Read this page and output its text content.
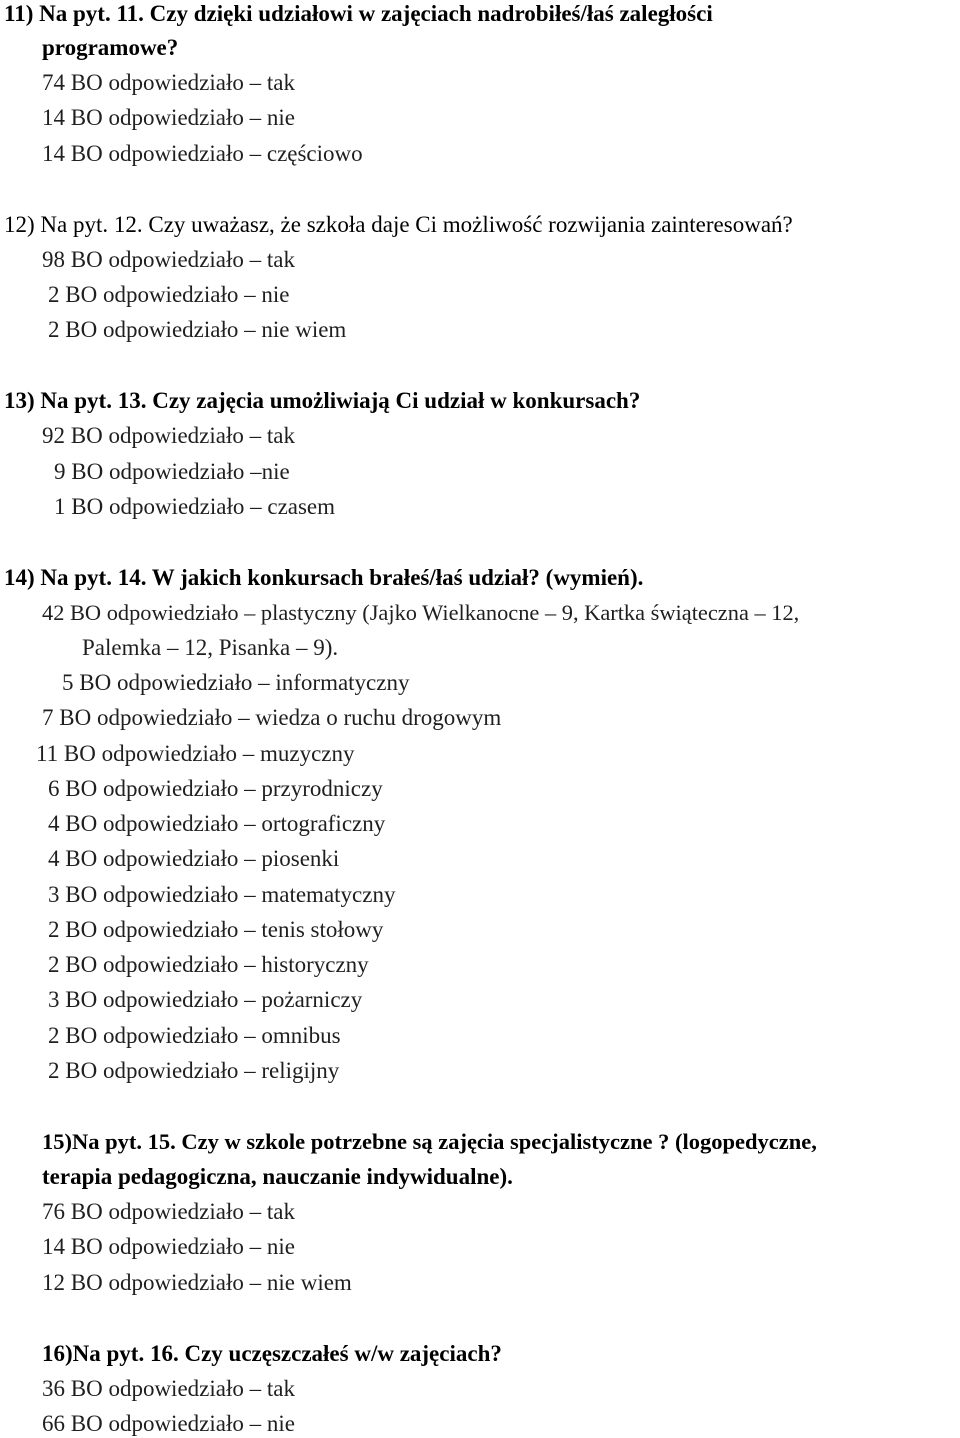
11) Na pyt. 11. Czy dzięki udziałowi w zajęciach nadrobiłeś/łaś zaległości

programowe?

74 BO odpowiedziało – tak

14 BO odpowiedziało – nie

14 BO odpowiedziało – częściowo

12) Na pyt. 12. Czy uważasz, że szkoła daje Ci możliwość rozwijania zainteresowań?

98 BO odpowiedziało – tak

2 BO odpowiedziało – nie

2 BO odpowiedziało – nie wiem

13) Na pyt. 13. Czy zajęcia umożliwiają Ci udział w konkursach?

92 BO odpowiedziało – tak

9 BO odpowiedziało –nie

1 BO odpowiedziało – czasem

14) Na pyt. 14. W jakich konkursach brałeś/łaś udział? (wymień).

42 BO odpowiedziało – plastyczny (Jajko Wielkanocne – 9, Kartka świąteczna – 12,

Palemka – 12, Pisanka – 9).

5 BO odpowiedziało – informatyczny

7 BO odpowiedziało – wiedza o ruchu drogowym

11 BO odpowiedziało – muzyczny

6 BO odpowiedziało – przyrodniczy

4 BO odpowiedziało – ortograficzny

4 BO odpowiedziało – piosenki

3 BO odpowiedziało – matematyczny

2 BO odpowiedziało – tenis stołowy

2 BO odpowiedziało – historyczny

3 BO odpowiedziało – pożarniczy

2 BO odpowiedziało – omnibus

2 BO odpowiedziało – religijny

15)Na pyt. 15. Czy w szkole potrzebne są zajęcia specjalistyczne ? (logopedyczne,

terapia pedagogiczna, nauczanie indywidualne).

76 BO odpowiedziało – tak

14 BO odpowiedziało – nie

12 BO odpowiedziało – nie wiem

16)Na pyt. 16. Czy uczęszczałeś w/w zajęciach?

36 BO odpowiedziało – tak

66 BO odpowiedziało – nie
